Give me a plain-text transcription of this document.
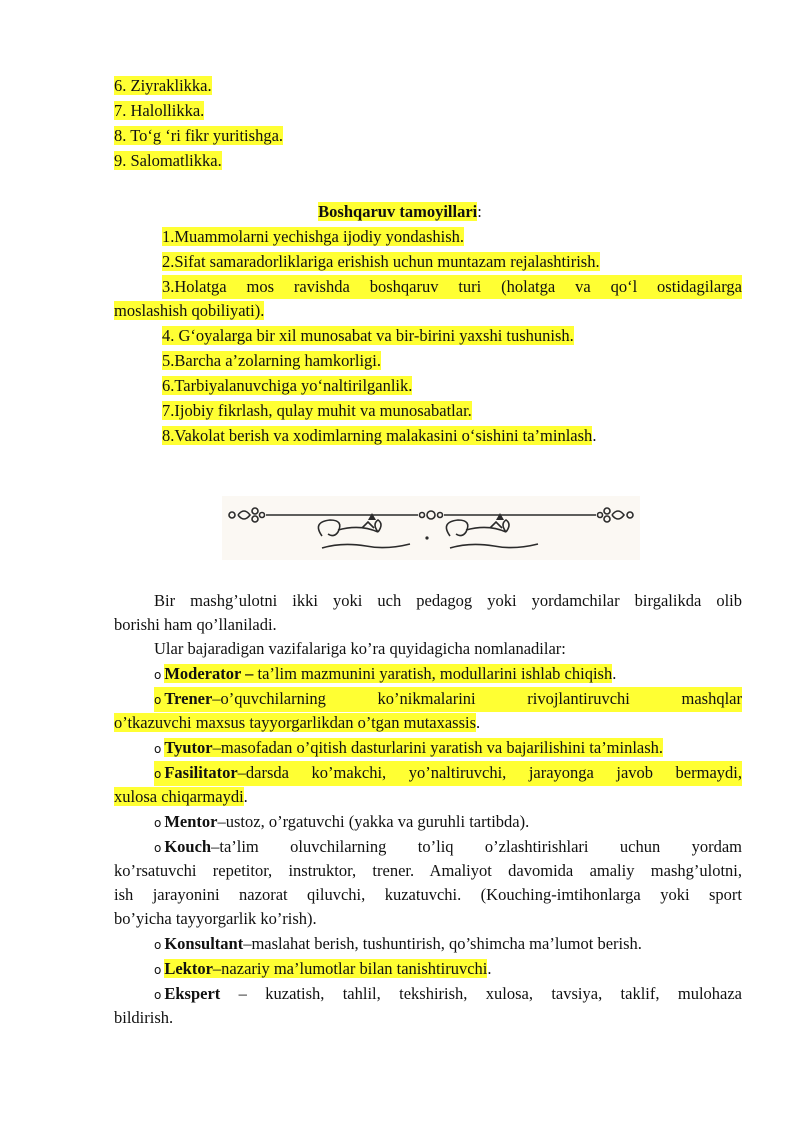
6. Ziyraklikka.
7. Halollikka.
8. To‘g ‘ri fikr yuritishga.
9. Salomatlikka.
Boshqaruv tamoyillari:
1.Muammolarni yechishga ijodiy yondashish.
2.Sifat samaradorliklariga erishish uchun muntazam rejalashtirish.
3.Holatga mos ravishda boshqaruv turi (holatga va qo‘l ostidagilarga
moslashish qobiliyati).
4. G‘oyalarga bir xil munosabat va bir-birini yaxshi tushunish.
5.Barcha a’zolarning hamkorligi.
6.Tarbiyalanuvchiga yo‘naltirilganlik.
7.Ijobiy fikrlash, qulay muhit va munosabatlar.
8.Vakolat berish va xodimlarning malakasini o‘sishini ta’minlash.
Bir mashg’ulotni ikki yoki uch pedagog yoki yordamchilar birgalikda olib
borishi ham qo’llaniladi.
Ular bajaradigan vazifalariga ko’ra quyidagicha nomlanadilar:
o Moderator – ta’lim mazmunini yaratish, modullarini ishlab chiqish.
o Trener–o’quvchilarning ko’nikmalarini rivojlantiruvchi mashqlar
o’tkazuvchi maxsus tayyorgarlikdan o’tgan mutaxassis.
o Tyutor–masofadan o’qitish dasturlarini yaratish va bajarilishini ta’minlash.
o Fasilitator–darsda ko’makchi, yo’naltiruvchi, jarayonga javob bermaydi,
xulosa chiqarmaydi.
o Mentor–ustoz, o’rgatuvchi (yakka va guruhli tartibda).
o Kouch–ta’lim oluvchilarning to’liq o’zlashtirishlari uchun yordam
ko’rsatuvchi repetitor, instruktor, trener. Amaliyot davomida amaliy mashg’ulotni,
ish jarayonini nazorat qiluvchi, kuzatuvchi. (Kouching-imtihonlarga yoki sport
bo’yicha tayyorgarlik ko’rish).
o Konsultant–maslahat berish, tushuntirish, qo’shimcha ma’lumot berish.
o Lektor–nazariy ma’lumotlar bilan tanishtiruvchi.
o Ekspert – kuzatish, tahlil, tekshirish, xulosa, tavsiya, taklif, mulohaza
bildirish.
